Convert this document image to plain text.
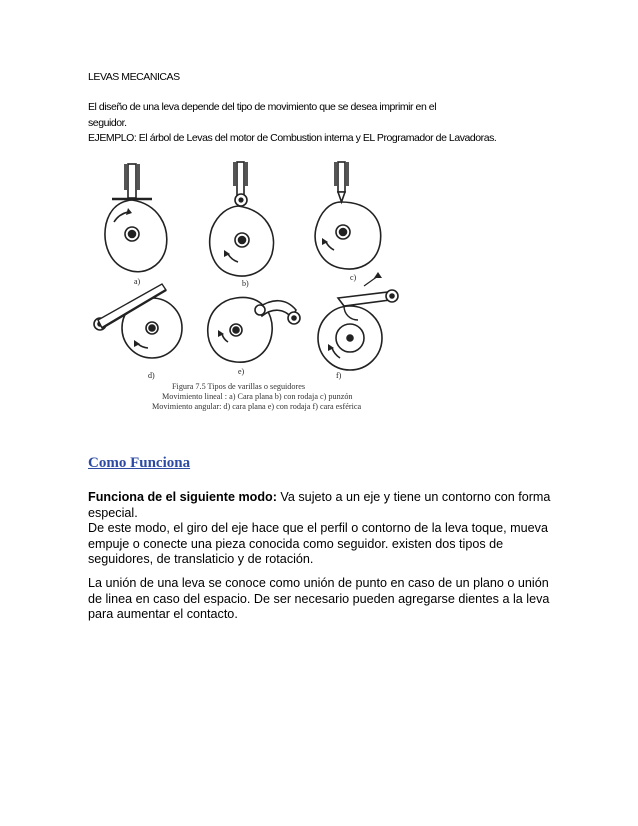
LEVAS MECANICAS
El diseño de una leva depende del tipo de movimiento que se desea imprimir en el
seguidor.
EJEMPLO: El árbol de Levas del motor de Combustion interna y EL Programador de Lavadoras.
a)	b)
c)
d)	e)	f)
Figura 7.5 Tipos de varillas o seguidores
Movimiento lineal : a) Cara plana b) con rodaja c) punzón
Movimiento angular: d) cara plana e) con rodaja f) cara esférica
Como Funciona
Funciona de el siguiente modo: Va sujeto a un eje y tiene un contorno con forma
especial.
De este modo, el giro del eje hace que el perfil o contorno de la leva toque, mueva
empuje o conecte una pieza conocida como seguidor. existen dos tipos de
seguidores, de translaticio y de rotación.
La unión de una leva se conoce como unión de punto en caso de un plano o unión
de linea en caso del espacio. De ser necesario pueden agregarse dientes a la leva
para aumentar el contacto.
